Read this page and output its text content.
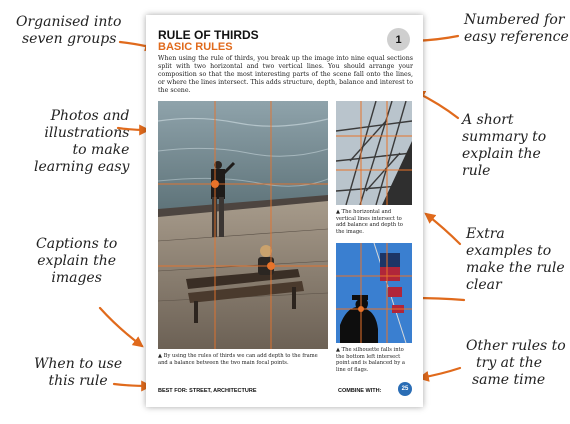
Organised into
seven groups
Numbered for
easy reference
Photos and
illustrations
to make
learning easy
A short
summary to
explain the
rule
Captions to
explain the
images
Extra
examples to
make the rule
clear
When to use
this rule
Other rules to
try at the
same time
RULE OF THIRDS
BASIC RULES
1
When using the rule of thirds, you break up the image into nine equal sections split with two horizontal and two vertical lines. You should arrange your composition so that the most interesting parts of the scene fall onto the lines, or where the lines intersect. This adds structure, depth, balance and interest to the scene.
▲ By using the rules of thirds we can add depth to the frame and a balance between the two main focal points.
▲ The horizontal and vertical lines intersect to add balance and depth to the image.
▲ The silhouette falls into the bottom left intersect point and is balanced by a line of flags.
BEST FOR: STREET, ARCHITECTURE	COMBINE WITH:	25
